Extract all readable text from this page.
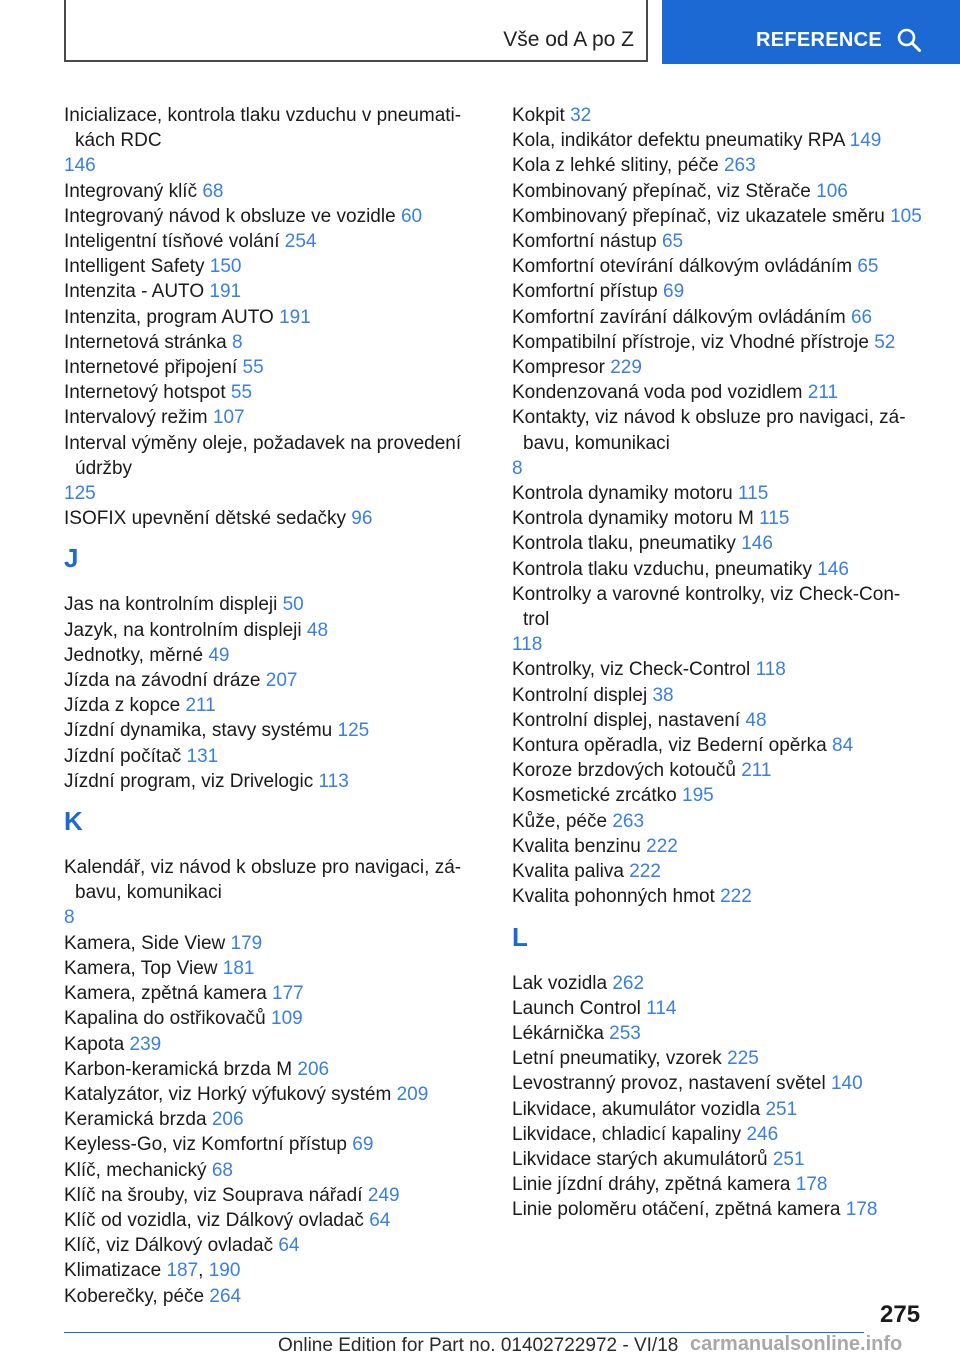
Vše od A po Z	REFERENCE
Inicializace, kontrola tlaku vzduchu v pneumati-
kách RDC
146
Integrovaný klíč 68
Integrovaný návod k obsluze ve vozidle 60
Inteligentní tísňové volání 254
Intelligent Safety 150
Intenzita - AUTO 191
Intenzita, program AUTO 191
Internetová stránka 8
Internetové připojení 55
Internetový hotspot 55
Intervalový režim 107
Interval výměny oleje, požadavek na provedení
údržby
125
ISOFIX upevnění dětské sedačky 96
J
Jas na kontrolním displeji 50
Jazyk, na kontrolním displeji 48
Jednotky, měrné 49
Jízda na závodní dráze 207
Jízda z kopce 211
Jízdní dynamika, stavy systému 125
Jízdní počítač 131
Jízdní program, viz Drivelogic 113
K
Kalendář, viz návod k obsluze pro navigaci, zá-
bavu, komunikaci
8
Kamera, Side View 179
Kamera, Top View 181
Kamera, zpětná kamera 177
Kapalina do ostřikovačů 109
Kapota 239
Karbon-keramická brzda M 206
Katalyzátor, viz Horký výfukový systém 209
Keramická brzda 206
Keyless-Go, viz Komfortní přístup 69
Klíč, mechanický 68
Klíč na šrouby, viz Souprava nářadí 249
Klíč od vozidla, viz Dálkový ovladač 64
Klíč, viz Dálkový ovladač 64
Klimatizace 187, 190
Koberečky, péče 264
Kokpit 32
Kola, indikátor defektu pneumatiky RPA 149
Kola z lehké slitiny, péče 263
Kombinovaný přepínač, viz Stěrače 106
Kombinovaný přepínač, viz ukazatele směru 105
Komfortní nástup 65
Komfortní otevírání dálkovým ovládáním 65
Komfortní přístup 69
Komfortní zavírání dálkovým ovládáním 66
Kompatibilní přístroje, viz Vhodné přístroje 52
Kompresor 229
Kondenzovaná voda pod vozidlem 211
Kontakty, viz návod k obsluze pro navigaci, zá-
bavu, komunikaci
8
Kontrola dynamiky motoru 115
Kontrola dynamiky motoru M 115
Kontrola tlaku, pneumatiky 146
Kontrola tlaku vzduchu, pneumatiky 146
Kontrolky a varovné kontrolky, viz Check-Con-
trol
118
Kontrolky, viz Check-Control 118
Kontrolní displej 38
Kontrolní displej, nastavení 48
Kontura opěradla, viz Bederní opěrka 84
Koroze brzdových kotoučů 211
Kosmetické zrcátko 195
Kůže, péče 263
Kvalita benzinu 222
Kvalita paliva 222
Kvalita pohonných hmot 222
L
Lak vozidla 262
Launch Control 114
Lékárnička 253
Letní pneumatiky, vzorek 225
Levostranný provoz, nastavení světel 140
Likvidace, akumulátor vozidla 251
Likvidace, chladicí kapaliny 246
Likvidace starých akumulátorů 251
Linie jízdní dráhy, zpětná kamera 178
Linie poloměru otáčení, zpětná kamera 178
275
Online Edition for Part no. 01402722972 - VI/18 carmanualsonline.info
